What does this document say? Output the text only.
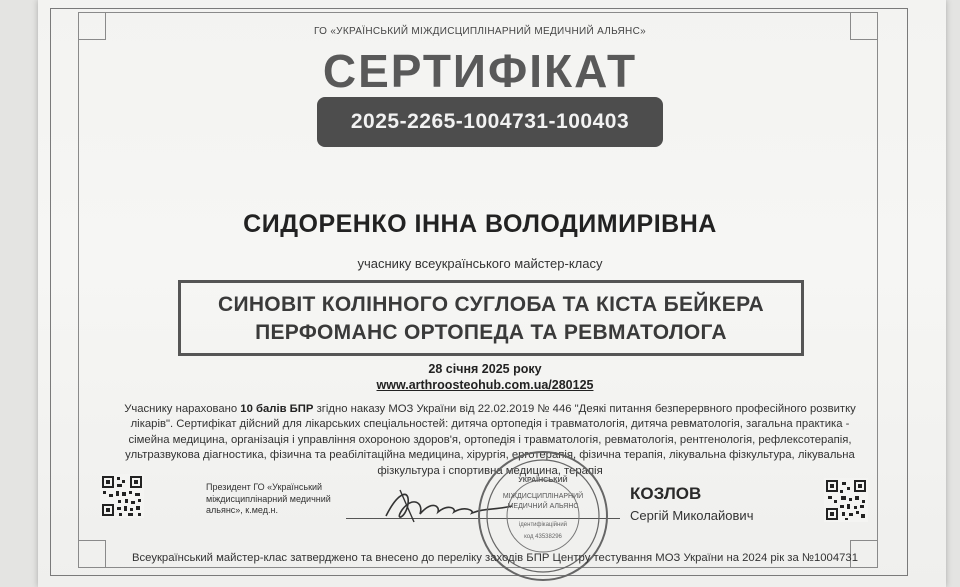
ГО «УКРАЇНСЬКИЙ МІЖДИСЦИПЛІНАРНИЙ МЕДИЧНИЙ АЛЬЯНС»
СЕРТИФІКАТ
2025-2265-1004731-100403
СИДОРЕНКО ІННА ВОЛОДИМИРІВНА
учаснику всеукраїнського майстер-класу
СИНОВІТ КОЛІННОГО СУГЛОБА ТА КІСТА БЕЙКЕРА
ПЕРФОМАНС ОРТОПЕДА ТА РЕВМАТОЛОГА
28 січня 2025 року
www.arthroosteohub.com.ua/280125
Учаснику нараховано 10 балів БПР згідно наказу МОЗ України від 22.02.2019 № 446 "Деякі питання безперервного професійного розвитку лікарів". Сертифікат дійсний для лікарських спеціальностей: дитяча ортопедія і травматологія, дитяча ревматологія, загальна практика - сімейна медицина, організація і управління охороною здоров'я, ортопедія і травматологія, ревматологія, рентгенологія, рефлексотерапія, ультразвукова діагностика, фізична та реабілітаційна медицина, хірургія, ерготерапія, фізична терапія, лікувальна фізкультура, лікувальна фізкультура і спортивна медицина, терапія
Президент ГО «Український міждисциплінарний медичний альянс», к.мед.н.
УКРАЇНСЬКИЙ
МІЖДИСЦИПЛІНАРНИЙ
МЕДИЧНИЙ АЛЬЯНС
ідентифікаційний
код 43538296
КОЗЛОВ
Сергій Миколайович
Всеукраїнський майстер-клас затверджено та внесено до переліку заходів БПР Центру тестування МОЗ України на 2024 рік за №1004731
